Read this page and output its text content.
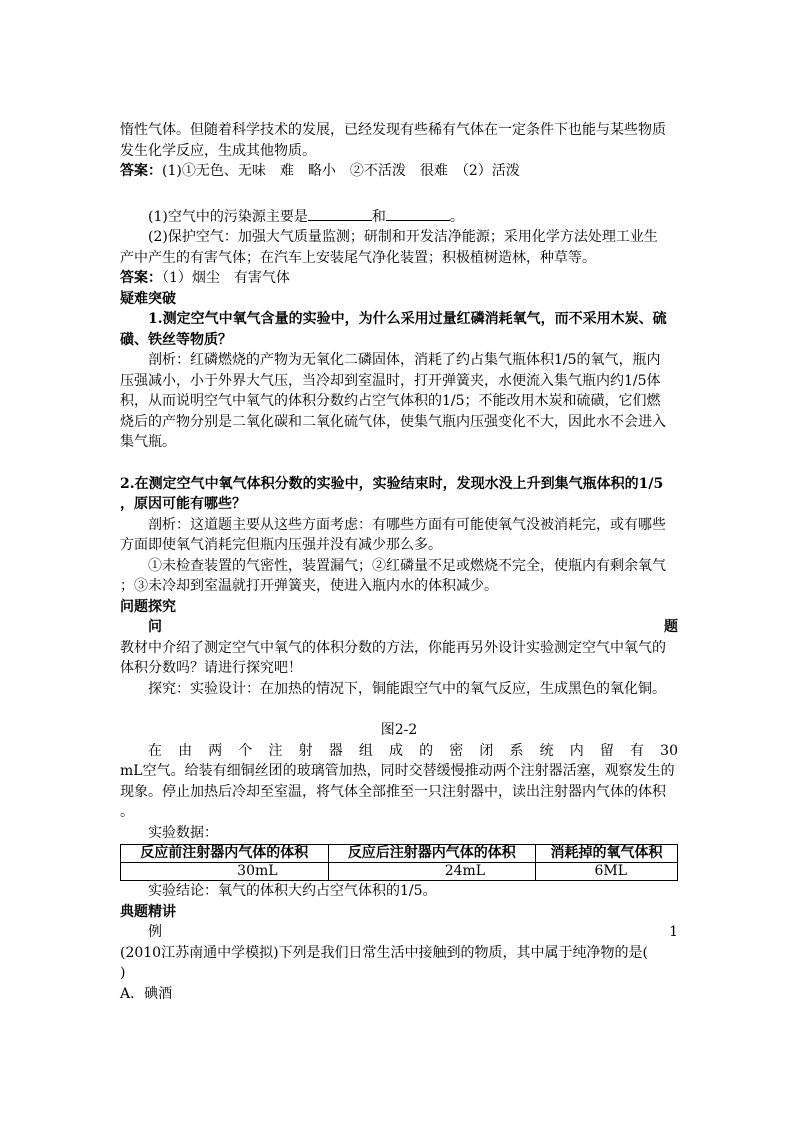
惰性气体。但随着科学技术的发展，已经发现有些稀有气体在一定条件下也能与某些物质

发生化学反应，生成其他物质。

答案：(1)①无色、无味　难　略小　②不活泼　很难　（2）活泼

(1)空气中的污染源主要是	和	。

(2)保护空气：加强大气质量监测；研制和开发洁净能源；采用化学方法处理工业生

产中产生的有害气体；在汽车上安装尾气净化装置；积极植树造林，种草等。

答案：（1）烟尘　有害气体

疑难突破

1.测定空气中氧气含量的实验中，为什么采用过量红磷消耗氧气，而不采用木炭、硫

磺、铁丝等物质？

剖析：红磷燃烧的产物为无氧化二磷固体，消耗了约占集气瓶体积1/5的氧气，瓶内

压强减小，小于外界大气压，当冷却到室温时，打开弹簧夹，水便流入集气瓶内约1/5体

积，从而说明空气中氧气的体积分数约占空气体积的1/5；不能改用木炭和硫磺，它们燃

烧后的产物分别是二氧化碳和二氧化硫气体，使集气瓶内压强变化不大，因此水不会进入

集气瓶。

2.在测定空气中氧气体积分数的实验中，实验结束时，发现水没上升到集气瓶体积的1/5

，原因可能有哪些？

剖析：这道题主要从这些方面考虑：有哪些方面有可能使氧气没被消耗完，或有哪些

方面即使氧气消耗完但瓶内压强并没有减少那么多。

①未检查装置的气密性，装置漏气；②红磷量不足或燃烧不完全，使瓶内有剩余氧气

；③未冷却到室温就打开弹簧夹，使进入瓶内水的体积减少。

问题探究

问	题

教材中介绍了测定空气中氧气的体积分数的方法，你能再另外设计实验测定空气中氧气的

体积分数吗？请进行探究吧！

探究：实验设计：在加热的情况下，铜能跟空气中的氧气反应，生成黑色的氧化铜。

图2-2

在由两个注射器组成的密闭系统内留有30

mL空气。给装有细铜丝团的玻璃管加热，同时交替缓慢推动两个注射器活塞，观察发生的

现象。停止加热后冷却至室温，将气体全部推至一只注射器中，读出注射器内气体的体积

。

实验数据：

反应前注射器内气体的体积	反应后注射器内气体的体积	消耗掉的氧气体积
30mL	24mL	6ML

实验结论：氧气的体积大约占空气体积的1/5。

典题精讲

例	1

(2010江苏南通中学模拟)下列是我们日常生活中接触到的物质，其中属于纯净物的是(

)

A．碘酒
